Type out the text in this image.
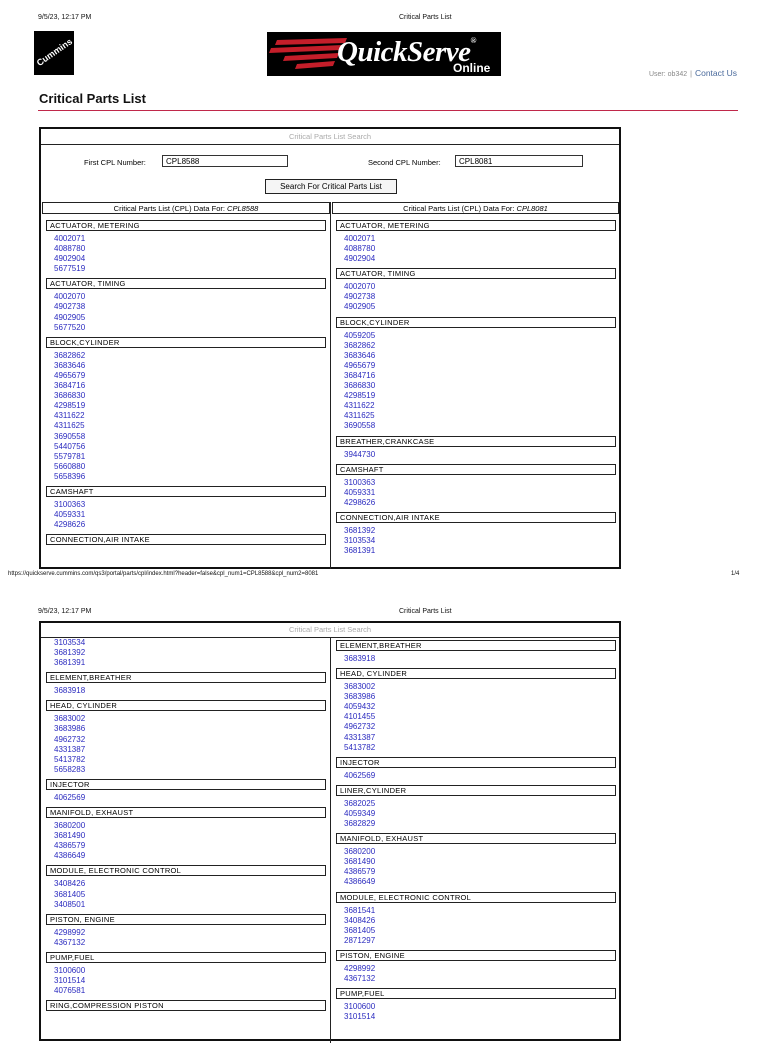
9/5/23, 12:17 PM	Critical Parts List
Cummins	QuickServe®
Online	User: ob342 | Contact Us
Critical Parts List
Critical Parts List Search
First CPL Number:
CPL8588	Second CPL Number:
CPL8081
Search For Critical Parts List
Critical Parts List (CPL) Data For: CPL8588	Critical Parts List (CPL) Data For: CPL8081
ACTUATOR, METERING
4002071
4088780
4902904
5677519
ACTUATOR, TIMING
4002070
4902738
4902905
5677520
BLOCK,CYLINDER
3682862
3683646
4965679
3684716
3686830
4298519
4311622
4311625
3690558
5440756
5579781
5660880
5658396
CAMSHAFT
3100363
4059331
4298626
CONNECTION,AIR INTAKE
ACTUATOR, METERING
4002071
4088780
4902904
ACTUATOR, TIMING
4002070
4902738
4902905
BLOCK,CYLINDER
4059205
3682862
3683646
4965679
3684716
3686830
4298519
4311622
4311625
3690558
BREATHER,CRANKCASE
3944730
CAMSHAFT
3100363
4059331
4298626
CONNECTION,AIR INTAKE
3681392
3103534
3681391
https://quickserve.cummins.com/qs3/portal/parts/cpl/index.html?header=false&cpl_num1=CPL8588&cpl_num2=8081	1/4
9/5/23, 12:17 PM	Critical Parts List
Critical Parts List Search
3103534
3681392
3681391
ELEMENT,BREATHER
3683918
HEAD, CYLINDER
3683002
3683986
4962732
4331387
5413782
5658283
INJECTOR
4062569
MANIFOLD, EXHAUST
3680200
3681490
4386579
4386649
MODULE, ELECTRONIC CONTROL
3408426
3681405
3408501
PISTON, ENGINE
4298992
4367132
PUMP,FUEL
3100600
3101514
4076581
RING,COMPRESSION PISTON
ELEMENT,BREATHER
3683918
HEAD, CYLINDER
3683002
3683986
4059432
4101455
4962732
4331387
5413782
INJECTOR
4062569
LINER,CYLINDER
3682025
4059349
3682829
MANIFOLD, EXHAUST
3680200
3681490
4386579
4386649
MODULE, ELECTRONIC CONTROL
3681541
3408426
3681405
2871297
PISTON, ENGINE
4298992
4367132
PUMP,FUEL
3100600
3101514
